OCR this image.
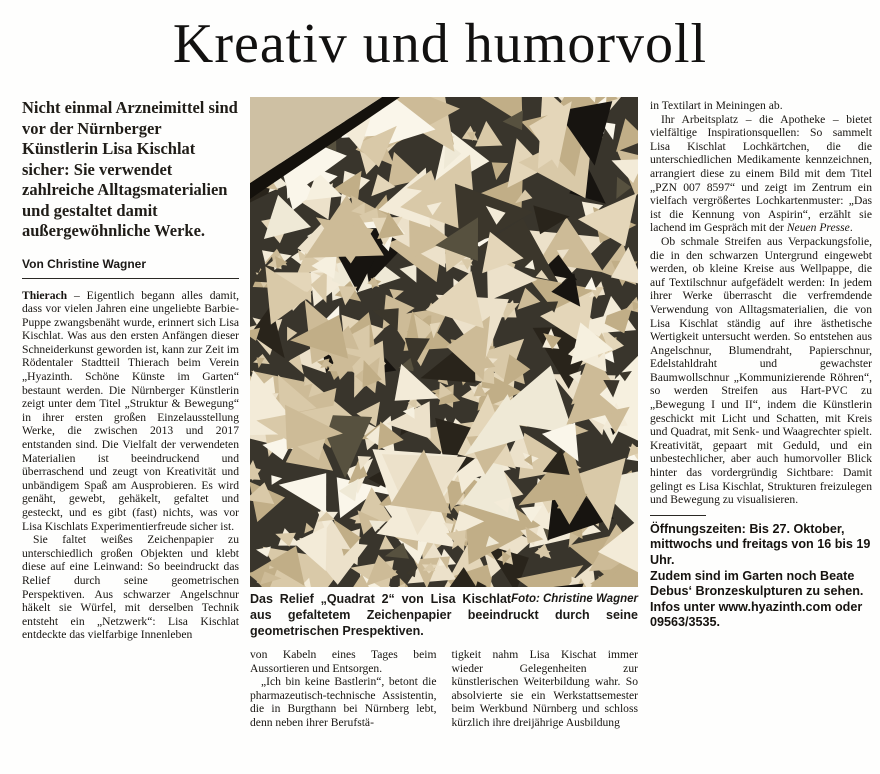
Kreativ und humorvoll

Nicht einmal Arzneimittel sind vor der Nürnberger Künstlerin Lisa Kischlat sicher: Sie verwendet zahlreiche Alltagsmaterialien und gestaltet damit außergewöhnliche Werke.

Von Christine Wagner

Thierach – Eigentlich begann alles damit, dass vor vielen Jahren eine ungeliebte Barbie-Puppe zwangsbenäht wurde, erinnert sich Lisa Kischlat. Was aus den ersten Anfängen dieser Schneiderkunst geworden ist, kann zur Zeit im Rödentaler Stadtteil Thierach beim Verein „Hyazinth. Schöne Künste im Garten“ bestaunt werden. Die Nürnberger Künstlerin zeigt unter dem Titel „Struktur & Bewegung“ in ihrer ersten großen Einzelausstellung Werke, die zwischen 2013 und 2017 entstanden sind. Die Vielfalt der verwendeten Materialien ist beeindruckend und überraschend und zeugt von Kreativität und unbändigem Spaß am Ausprobieren. Es wird genäht, gewebt, gehäkelt, gefaltet und gesteckt, und es gibt (fast) nichts, was vor Lisa Kischlats Experimentierfreude sicher ist.

Sie faltet weißes Zeichenpapier zu unterschiedlich großen Objekten und klebt diese auf eine Leinwand: So beeindruckt das Relief durch seine geometrischen Perspektiven. Aus schwarzer Angelschnur häkelt sie Würfel, mit derselben Technik entsteht ein „Netzwerk“: Lisa Kischlat entdeckte das vielfarbige Innenleben

Foto: Christine Wagner
Das Relief „Quadrat 2“ von Lisa Kischlat aus gefaltetem Zeichenpapier beeindruckt durch seine geometrischen Prespektiven.

von Kabeln eines Tages beim Aussortieren und Entsorgen.

„Ich bin keine Bastlerin“, betont die pharmazeutisch-technische Assistentin, die in Burgthann bei Nürnberg lebt, denn neben ihrer Berufstä-

tigkeit nahm Lisa Kischat immer wieder Gelegenheiten zur künstlerischen Weiterbildung wahr. So absolvierte sie ein Werkstattsemester beim Werkbund Nürnberg und schloss kürzlich ihre dreijährige Ausbildung

in Textilart in Meiningen ab.

Ihr Arbeitsplatz – die Apotheke – bietet vielfältige Inspirationsquellen: So sammelt Lisa Kischlat Lochkärtchen, die die unterschiedlichen Medikamente kennzeichnen, arrangiert diese zu einem Bild mit dem Titel „PZN 007 8597“ und zeigt im Zentrum ein vielfach vergrößertes Lochkartenmuster: „Das ist die Kennung von Aspirin“, erzählt sie lachend im Gespräch mit der Neuen Presse.

Ob schmale Streifen aus Verpackungsfolie, die in den schwarzen Untergrund eingewebt werden, ob kleine Kreise aus Wellpappe, die auf Textilschnur aufgefädelt werden: In jedem ihrer Werke überrascht die verfremdende Verwendung von Alltagsmaterialien, die von Lisa Kischlat ständig auf ihre ästhetische Wertigkeit untersucht werden. So entstehen aus Angelschnur, Blumendraht, Papierschnur, Edelstahldraht und gewachster Baumwollschnur „Kommunizierende Röhren“, so werden Streifen aus Hart-PVC zu „Bewegung I und II“, indem die Künstlerin geschickt mit Licht und Schatten, mit Kreis und Quadrat, mit Senk- und Waagrechter spielt. Kreativität, gepaart mit Geduld, und ein unbestechlicher, aber auch humorvoller Blick hinter das vordergründig Sichtbare: Damit gelingt es Lisa Kischlat, Strukturen freizulegen und Bewegung zu visualisieren.

Öffnungszeiten: Bis 27. Oktober, mittwochs und freitags von 16 bis 19 Uhr.

Zudem sind im Garten noch Beate Debus‘ Bronzeskulpturen zu sehen.

Infos unter www.hyazinth.com oder 09563/3535.
